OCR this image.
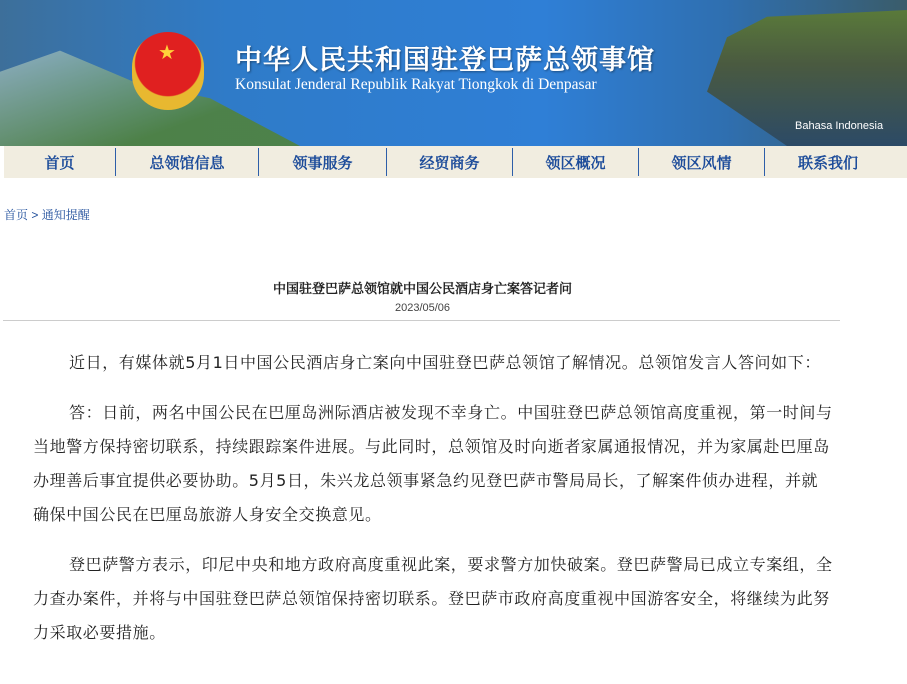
★ 中华人民共和国驻登巴萨总领事馆
Konsulat Jenderal Republik Rakyat Tiongkok di Denpasar
Bahasa Indonesia
首页	总领馆信息	领事服务	经贸商务	领区概况	领区风情	联系我们
首页 > 通知提醒
中国驻登巴萨总领馆就中国公民酒店身亡案答记者问
2023/05/06

近日，有媒体就5月1日中国公民酒店身亡案向中国驻登巴萨总领馆了解情况。总领馆发言人答问如下：

答：日前，两名中国公民在巴厘岛洲际酒店被发现不幸身亡。中国驻登巴萨总领馆高度重视，第一时间与当地警方保持密切联系，持续跟踪案件进展。与此同时，总领馆及时向逝者家属通报情况，并为家属赴巴厘岛办理善后事宜提供必要协助。5月5日，朱兴龙总领事紧急约见登巴萨市警局局长，了解案件侦办进程，并就确保中国公民在巴厘岛旅游人身安全交换意见。

登巴萨警方表示，印尼中央和地方政府高度重视此案，要求警方加快破案。登巴萨警局已成立专案组，全力查办案件，并将与中国驻登巴萨总领馆保持密切联系。登巴萨市政府高度重视中国游客安全，将继续为此努力采取必要措施。
